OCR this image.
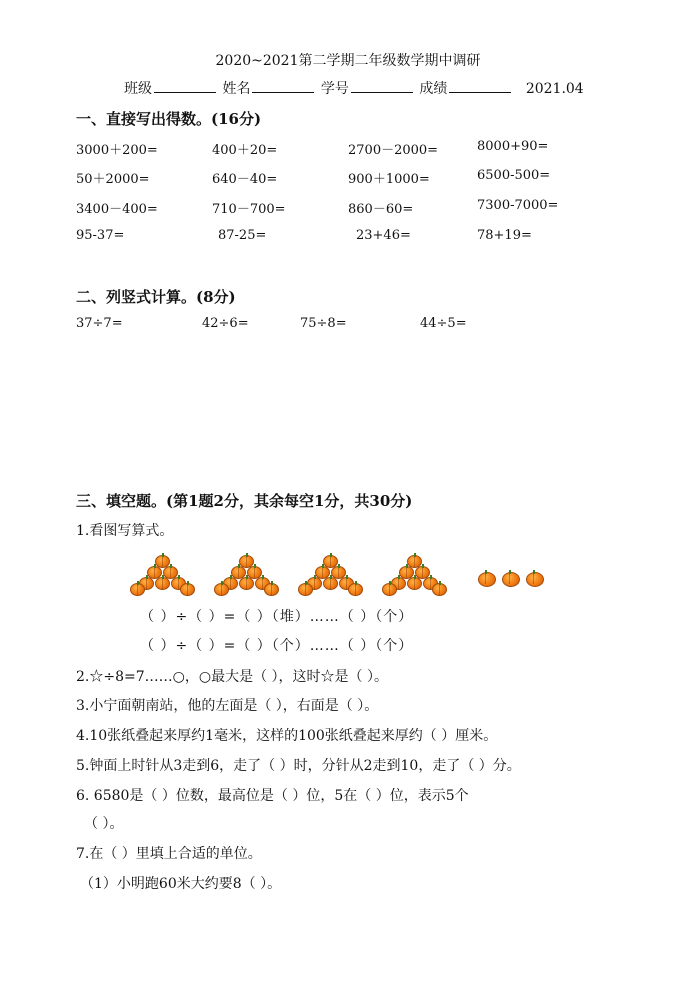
2020~2021第二学期二年级数学期中调研
班级	姓名	学号	成绩	2021.04
一、直接写出得数。(16分)
3000＋200=	400＋20=	2700－2000=	8000+90=
50＋2000=	640－40=	900＋1000=	6500-500=
3400－400=	710－700=	860－60=	7300-7000=
95-37=	87-25=	23+46=	78+19=
二、列竖式计算。(8分)
37÷7=	42÷6=	75÷8=	44÷5=
三、填空题。(第1题2分，其余每空1分，共30分)
1.看图写算式。
（ ）÷（ ）=（ ）（堆）……（ ）（个）
（ ）÷（ ）=（ ）（个）……（ ）（个）
2.☆÷8=7……○，○最大是（ ），这时☆是（ ）。
3.小宁面朝南站，他的左面是（ ），右面是（ ）。
4.10张纸叠起来厚约1毫米，这样的100张纸叠起来厚约（ ）厘米。
5.钟面上时针从3走到6，走了（ ）时，分针从2走到10，走了（ ）分。
6. 6580是（ ）位数，最高位是（ ）位，5在（ ）位，表示5个
（ ）。
7.在（ ）里填上合适的单位。
（1）小明跑60米大约要8（ ）。
